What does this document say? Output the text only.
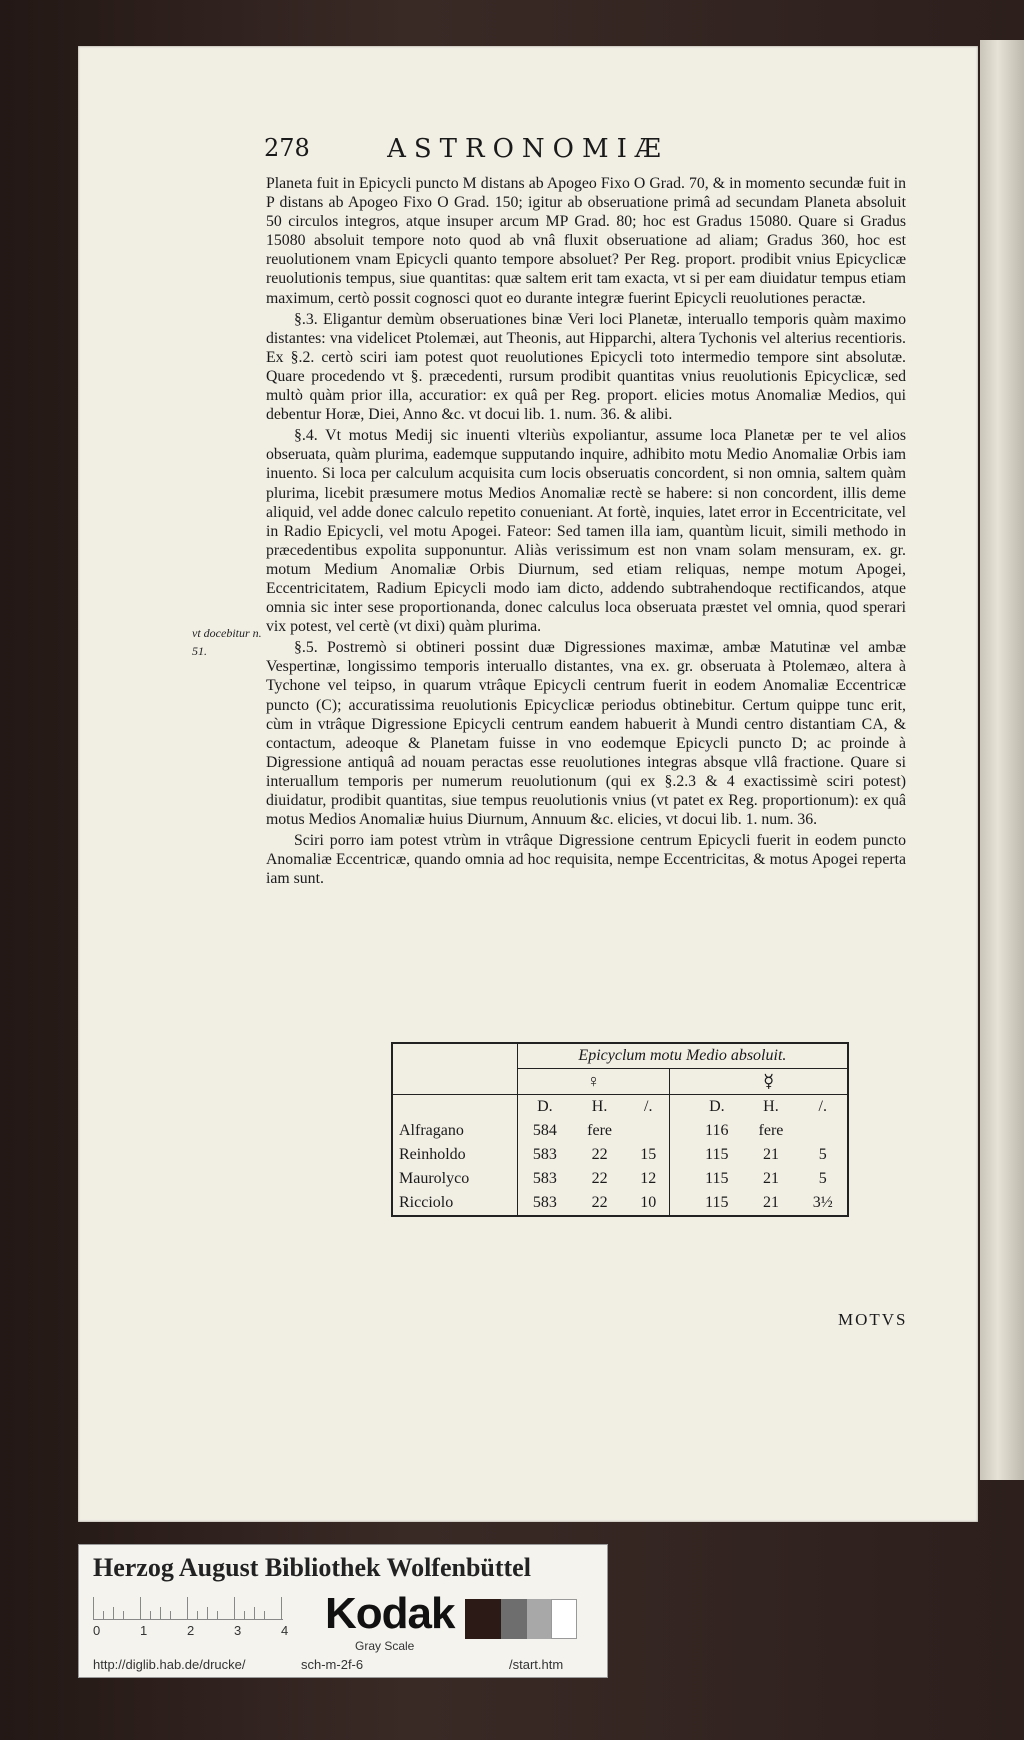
278	ASTRONOMIÆ
vt docebitur n. 51.

Planeta fuit in Epicycli puncto M distans ab Apogeo Fixo O Grad. 70, & in momento secundæ fuit in P distans ab Apogeo Fixo O Grad. 150; igitur ab obseruatione primâ ad secundam Planeta absoluit 50 circulos integros, atque insuper arcum MP Grad. 80; hoc est Gradus 15080. Quare si Gradus 15080 absoluit tempore noto quod ab vnâ fluxit obseruatione ad aliam; Gradus 360, hoc est reuolutionem vnam Epicycli quanto tempore absoluet? Per Reg. proport. prodibit vnius Epicyclicæ reuolutionis tempus, siue quantitas: quæ saltem erit tam exacta, vt si per eam diuidatur tempus etiam maximum, certò possit cognosci quot eo durante integræ fuerint Epicycli reuolutiones peractæ.

§.3. Eligantur demùm obseruationes binæ Veri loci Planetæ, interuallo temporis quàm maximo distantes: vna videlicet Ptolemæi, aut Theonis, aut Hipparchi, altera Tychonis vel alterius recentioris. Ex §.2. certò sciri iam potest quot reuolutiones Epicycli toto intermedio tempore sint absolutæ. Quare procedendo vt §. præcedenti, rursum prodibit quantitas vnius reuolutionis Epicyclicæ, sed multò quàm prior illa, accuratior: ex quâ per Reg. proport. elicies motus Anomaliæ Medios, qui debentur Horæ, Diei, Anno &c. vt docui lib. 1. num. 36. & alibi.

§.4. Vt motus Medij sic inuenti vlteriùs expoliantur, assume loca Planetæ per te vel alios obseruata, quàm plurima, eademque supputando inquire, adhibito motu Medio Anomaliæ Orbis iam inuento. Si loca per calculum acquisita cum locis obseruatis concordent, si non omnia, saltem quàm plurima, licebit præsumere motus Medios Anomaliæ rectè se habere: si non concordent, illis deme aliquid, vel adde donec calculo repetito conueniant. At fortè, inquies, latet error in Eccentricitate, vel in Radio Epicycli, vel motu Apogei. Fateor: Sed tamen illa iam, quantùm licuit, simili methodo in præcedentibus expolita supponuntur. Aliàs verissimum est non vnam solam mensuram, ex. gr. motum Medium Anomaliæ Orbis Diurnum, sed etiam reliquas, nempe motum Apogei, Eccentricitatem, Radium Epicycli modo iam dicto, addendo subtrahendoque rectificandos, atque omnia sic inter sese proportionanda, donec calculus loca obseruata præstet vel omnia, quod sperari vix potest, vel certè (vt dixi) quàm plurima.

§.5. Postremò si obtineri possint duæ Digressiones maximæ, ambæ Matutinæ vel ambæ Vespertinæ, longissimo temporis interuallo distantes, vna ex. gr. obseruata à Ptolemæo, altera à Tychone vel teipso, in quarum vtrâque Epicycli centrum fuerit in eodem Anomaliæ Eccentricæ puncto (C); accuratissima reuolutionis Epicyclicæ periodus obtinebitur. Certum quippe tunc erit, cùm in vtrâque Digressione Epicycli centrum eandem habuerit à Mundi centro distantiam CA, & contactum, adeoque & Planetam fuisse in vno eodemque Epicycli puncto D; ac proinde à Digressione antiquâ ad nouam peractas esse reuolutiones integras absque vllâ fractione. Quare si interuallum temporis per numerum reuolutionum (qui ex §.2.3 & 4 exactissimè sciri potest) diuidatur, prodibit quantitas, siue tempus reuolutionis vnius (vt patet ex Reg. proportionum): ex quâ motus Medios Anomaliæ huius Diurnum, Annuum &c. elicies, vt docui lib. 1. num. 36.

Sciri porro iam potest vtrùm in vtrâque Digressione centrum Epicycli fuerit in eodem puncto Anomaliæ Eccentricæ, quando omnia ad hoc requisita, nempe Eccentricitas, & motus Apogei reperta iam sunt.

	Epicyclum motu Medio absoluit.						
	♀				☿		
	D.	H.	/.		D.	H.	/.
Alfragano	584	fere			116	fere	
Reinholdo	583	22	15		115	21	5
Maurolyco	583	22	12		115	21	5
Ricciolo	583	22	10		115	21	3½
MOTVS
Herzog August Bibliothek Wolfenbüttel
0	1	2	3	4 Kodak
Gray Scale
http://diglib.hab.de/drucke/	sch-m-2f-6	/start.htm
